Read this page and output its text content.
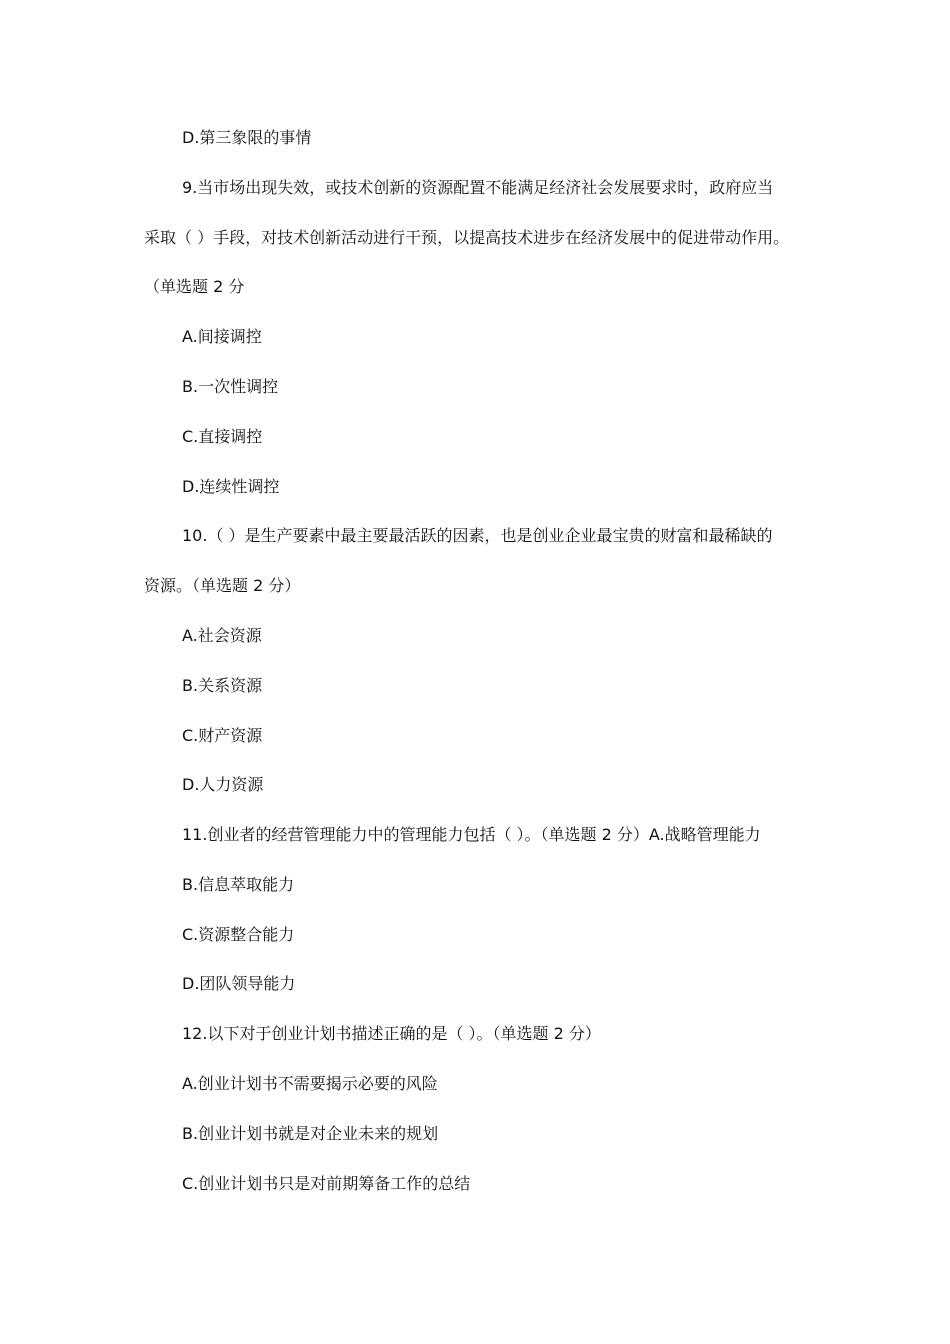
D.第三象限的事情
9.当市场出现失效，或技术创新的资源配置不能满足经济社会发展要求时，政府应当
采取（ ）手段，对技术创新活动进行干预，以提高技术进步在经济发展中的促进带动作用。
（单选题 2 分
A.间接调控
B.一次性调控
C.直接调控
D.连续性调控
10.（ ）是生产要素中最主要最活跃的因素，也是创业企业最宝贵的财富和最稀缺的
资源。（单选题 2 分）
A.社会资源
B.关系资源
C.财产资源
D.人力资源
11.创业者的经营管理能力中的管理能力包括（ ）。（单选题 2 分）A.战略管理能力
B.信息萃取能力
C.资源整合能力
D.团队领导能力
12.以下对于创业计划书描述正确的是（ ）。（单选题 2 分）
A.创业计划书不需要揭示必要的风险
B.创业计划书就是对企业未来的规划
C.创业计划书只是对前期筹备工作的总结
